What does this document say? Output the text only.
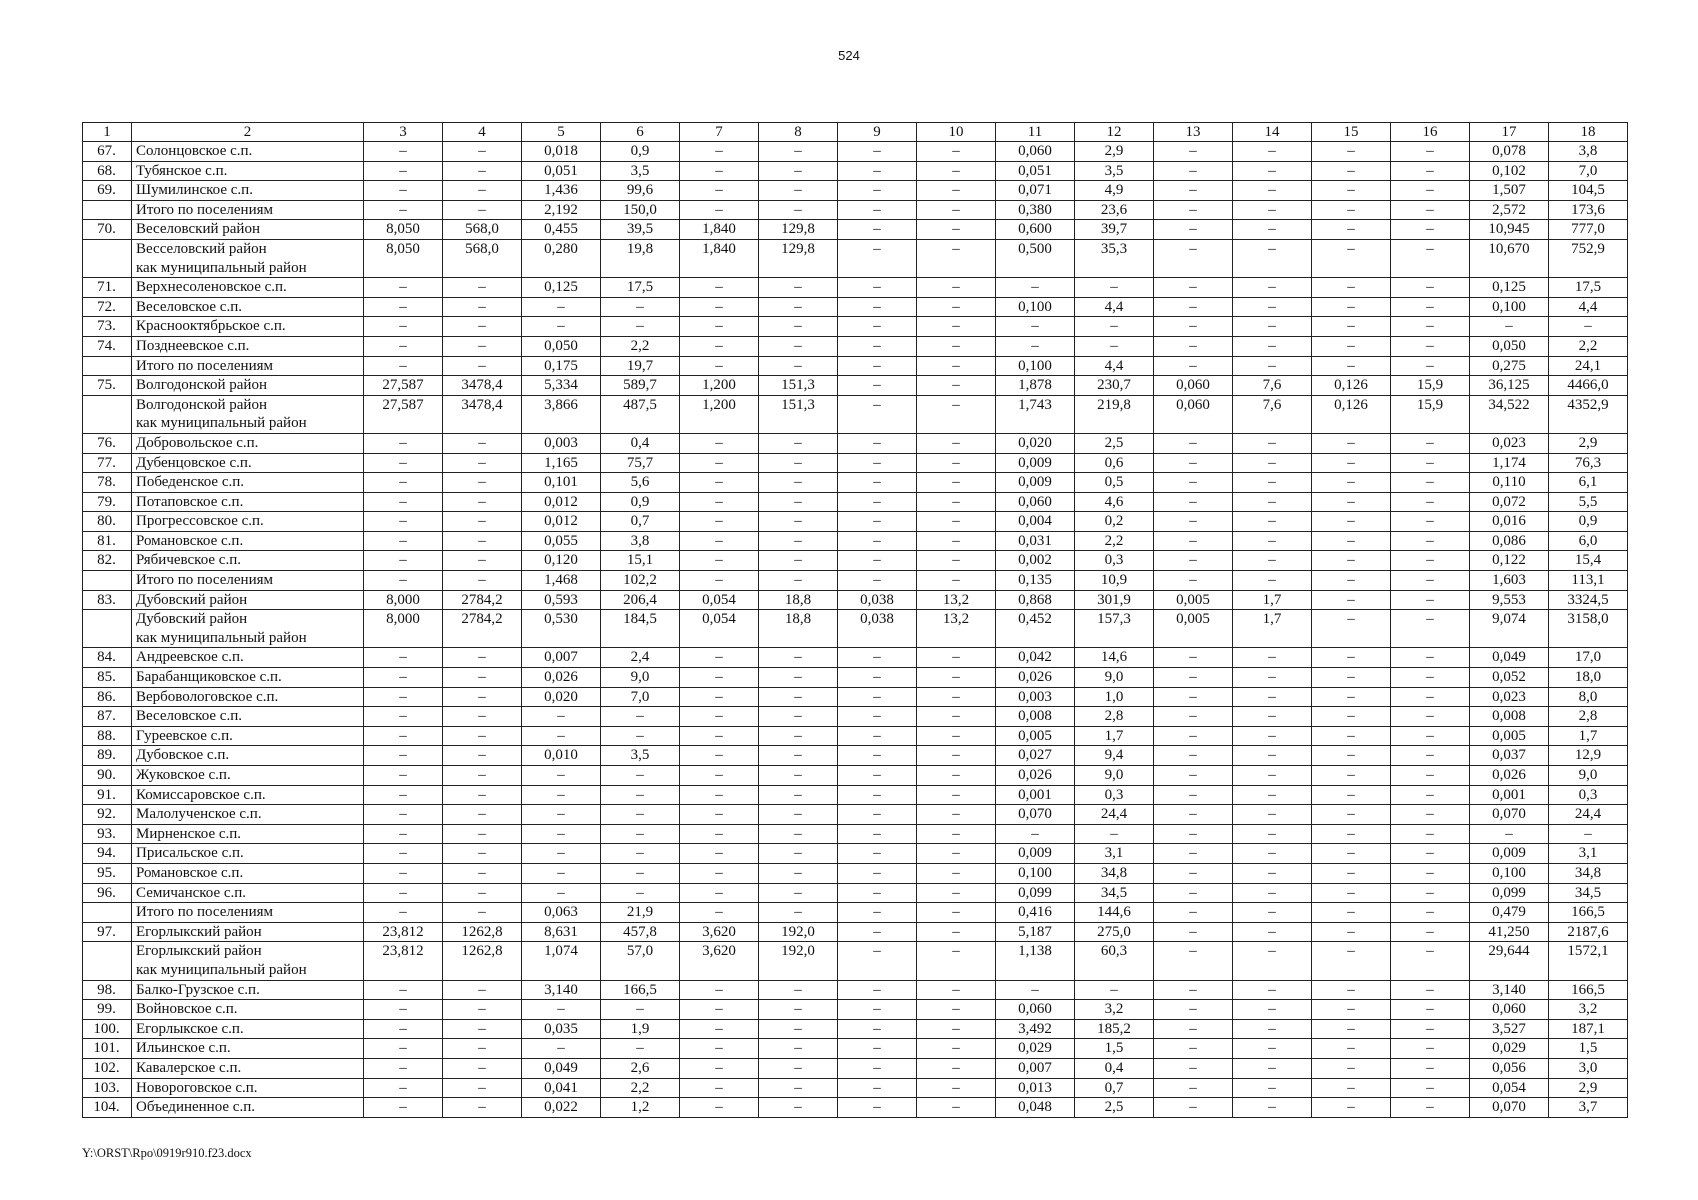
524
1	2	3	4	5	6	7	8	9	10	11	12	13	14	15	16	17	18
67.	Солонцовское с.п.	–	–	0,018	0,9	–	–	–	–	0,060	2,9	–	–	–	–	0,078	3,8
68.	Тубянское с.п.	–	–	0,051	3,5	–	–	–	–	0,051	3,5	–	–	–	–	0,102	7,0
69.	Шумилинское с.п.	–	–	1,436	99,6	–	–	–	–	0,071	4,9	–	–	–	–	1,507	104,5
	Итого по поселениям	–	–	2,192	150,0	–	–	–	–	0,380	23,6	–	–	–	–	2,572	173,6
70.	Веселовский район	8,050	568,0	0,455	39,5	1,840	129,8	–	–	0,600	39,7	–	–	–	–	10,945	777,0
	Весселовский район
как муниципальный район	8,050	568,0	0,280	19,8	1,840	129,8	–	–	0,500	35,3	–	–	–	–	10,670	752,9
71.	Верхнесоленовское с.п.	–	–	0,125	17,5	–	–	–	–	–	–	–	–	–	–	0,125	17,5
72.	Веселовское с.п.	–	–	–	–	–	–	–	–	0,100	4,4	–	–	–	–	0,100	4,4
73.	Краснооктябрьское с.п.	–	–	–	–	–	–	–	–	–	–	–	–	–	–	–	–
74.	Позднеевское с.п.	–	–	0,050	2,2	–	–	–	–	–	–	–	–	–	–	0,050	2,2
	Итого по поселениям	–	–	0,175	19,7	–	–	–	–	0,100	4,4	–	–	–	–	0,275	24,1
75.	Волгодонской район	27,587	3478,4	5,334	589,7	1,200	151,3	–	–	1,878	230,7	0,060	7,6	0,126	15,9	36,125	4466,0
	Волгодонской район
как муниципальный район	27,587	3478,4	3,866	487,5	1,200	151,3	–	–	1,743	219,8	0,060	7,6	0,126	15,9	34,522	4352,9
76.	Добровольское с.п.	–	–	0,003	0,4	–	–	–	–	0,020	2,5	–	–	–	–	0,023	2,9
77.	Дубенцовское с.п.	–	–	1,165	75,7	–	–	–	–	0,009	0,6	–	–	–	–	1,174	76,3
78.	Победенское с.п.	–	–	0,101	5,6	–	–	–	–	0,009	0,5	–	–	–	–	0,110	6,1
79.	Потаповское с.п.	–	–	0,012	0,9	–	–	–	–	0,060	4,6	–	–	–	–	0,072	5,5
80.	Прогрессовское с.п.	–	–	0,012	0,7	–	–	–	–	0,004	0,2	–	–	–	–	0,016	0,9
81.	Романовское с.п.	–	–	0,055	3,8	–	–	–	–	0,031	2,2	–	–	–	–	0,086	6,0
82.	Рябичевское с.п.	–	–	0,120	15,1	–	–	–	–	0,002	0,3	–	–	–	–	0,122	15,4
	Итого по поселениям	–	–	1,468	102,2	–	–	–	–	0,135	10,9	–	–	–	–	1,603	113,1
83.	Дубовский район	8,000	2784,2	0,593	206,4	0,054	18,8	0,038	13,2	0,868	301,9	0,005	1,7	–	–	9,553	3324,5
	Дубовский район
как муниципальный район	8,000	2784,2	0,530	184,5	0,054	18,8	0,038	13,2	0,452	157,3	0,005	1,7	–	–	9,074	3158,0
84.	Андреевское с.п.	–	–	0,007	2,4	–	–	–	–	0,042	14,6	–	–	–	–	0,049	17,0
85.	Барабанщиковское с.п.	–	–	0,026	9,0	–	–	–	–	0,026	9,0	–	–	–	–	0,052	18,0
86.	Вербовологовское с.п.	–	–	0,020	7,0	–	–	–	–	0,003	1,0	–	–	–	–	0,023	8,0
87.	Веселовское с.п.	–	–	–	–	–	–	–	–	0,008	2,8	–	–	–	–	0,008	2,8
88.	Гуреевское с.п.	–	–	–	–	–	–	–	–	0,005	1,7	–	–	–	–	0,005	1,7
89.	Дубовское с.п.	–	–	0,010	3,5	–	–	–	–	0,027	9,4	–	–	–	–	0,037	12,9
90.	Жуковское с.п.	–	–	–	–	–	–	–	–	0,026	9,0	–	–	–	–	0,026	9,0
91.	Комиссаровское с.п.	–	–	–	–	–	–	–	–	0,001	0,3	–	–	–	–	0,001	0,3
92.	Малолученское с.п.	–	–	–	–	–	–	–	–	0,070	24,4	–	–	–	–	0,070	24,4
93.	Мирненское с.п.	–	–	–	–	–	–	–	–	–	–	–	–	–	–	–	–
94.	Присальское с.п.	–	–	–	–	–	–	–	–	0,009	3,1	–	–	–	–	0,009	3,1
95.	Романовское с.п.	–	–	–	–	–	–	–	–	0,100	34,8	–	–	–	–	0,100	34,8
96.	Семичанское с.п.	–	–	–	–	–	–	–	–	0,099	34,5	–	–	–	–	0,099	34,5
	Итого по поселениям	–	–	0,063	21,9	–	–	–	–	0,416	144,6	–	–	–	–	0,479	166,5
97.	Егорлыкский район	23,812	1262,8	8,631	457,8	3,620	192,0	–	–	5,187	275,0	–	–	–	–	41,250	2187,6
	Егорлыкский район
как муниципальный район	23,812	1262,8	1,074	57,0	3,620	192,0	–	–	1,138	60,3	–	–	–	–	29,644	1572,1
98.	Балко-Грузское с.п.	–	–	3,140	166,5	–	–	–	–	–	–	–	–	–	–	3,140	166,5
99.	Войновское с.п.	–	–	–	–	–	–	–	–	0,060	3,2	–	–	–	–	0,060	3,2
100.	Егорлыкское с.п.	–	–	0,035	1,9	–	–	–	–	3,492	185,2	–	–	–	–	3,527	187,1
101.	Ильинское с.п.	–	–	–	–	–	–	–	–	0,029	1,5	–	–	–	–	0,029	1,5
102.	Кавалерское с.п.	–	–	0,049	2,6	–	–	–	–	0,007	0,4	–	–	–	–	0,056	3,0
103.	Новороговское с.п.	–	–	0,041	2,2	–	–	–	–	0,013	0,7	–	–	–	–	0,054	2,9
104.	Объединенное с.п.	–	–	0,022	1,2	–	–	–	–	0,048	2,5	–	–	–	–	0,070	3,7
Y:\ORST\Rpo\0919r910.f23.docx
